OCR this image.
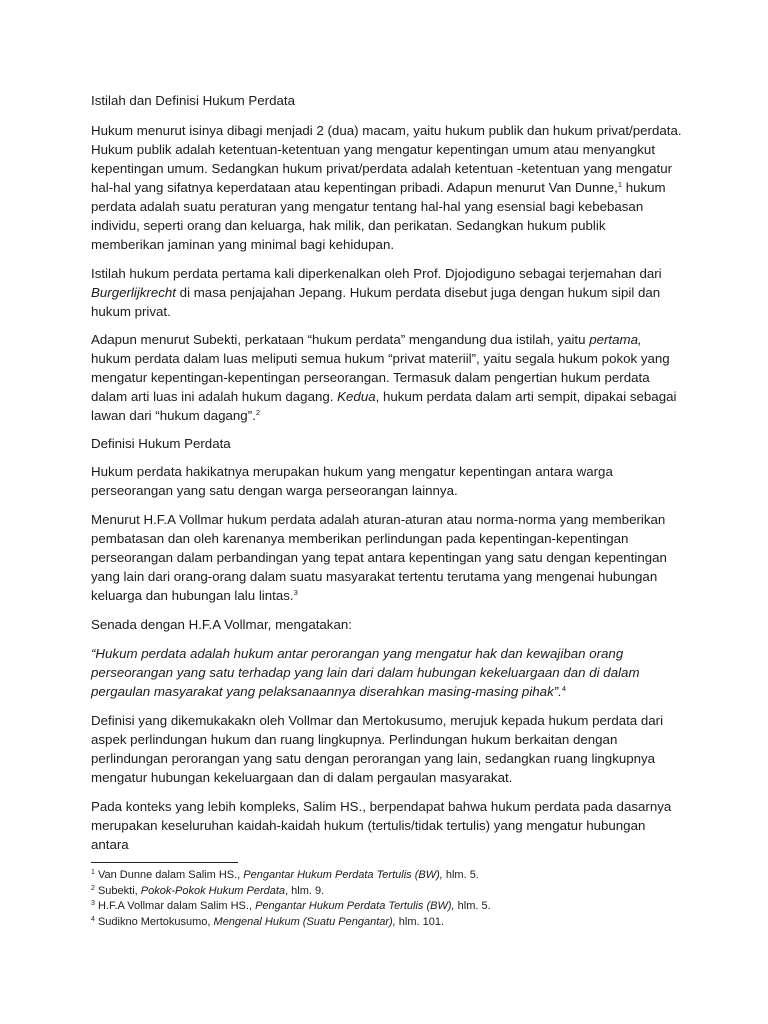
Istilah dan Definisi Hukum Perdata

Hukum menurut isinya dibagi menjadi 2 (dua) macam, yaitu hukum publik dan hukum privat/perdata. Hukum publik adalah ketentuan-ketentuan yang mengatur kepentingan umum atau menyangkut kepentingan umum. Sedangkan hukum privat/perdata adalah ketentuan -ketentuan yang mengatur hal-hal yang sifatnya keperdataan atau kepentingan pribadi. Adapun menurut Van Dunne,$^1$ hukum perdata adalah suatu peraturan yang mengatur tentang hal-hal yang esensial bagi kebebasan individu, seperti orang dan keluarga, hak milik, dan perikatan. Sedangkan hukum publik memberikan jaminan yang minimal bagi kehidupan.

Istilah hukum perdata pertama kali diperkenalkan oleh Prof. Djojodiguno sebagai terjemahan dari Burgerlijkrecht di masa penjajahan Jepang. Hukum perdata disebut juga dengan hukum sipil dan hukum privat.

Adapun menurut Subekti, perkataan “hukum perdata” mengandung dua istilah, yaitu pertama, hukum perdata dalam luas meliputi semua hukum “privat materiil”, yaitu segala hukum pokok yang mengatur kepentingan-kepentingan perseorangan. Termasuk dalam pengertian hukum perdata dalam arti luas ini adalah hukum dagang. Kedua, hukum perdata dalam arti sempit, dipakai sebagai lawan dari “hukum dagang”.$^2$

Definisi Hukum Perdata

Hukum perdata hakikatnya merupakan hukum yang mengatur kepentingan antara warga perseorangan yang satu dengan warga perseorangan lainnya.

Menurut H.F.A Vollmar hukum perdata adalah aturan-aturan atau norma-norma yang memberikan pembatasan dan oleh karenanya memberikan perlindungan pada kepentingan-kepentingan perseorangan dalam perbandingan yang tepat antara kepentingan yang satu dengan kepentingan yang lain dari orang-orang dalam suatu masyarakat tertentu terutama yang mengenai hubungan keluarga dan hubungan lalu lintas.$^3$

Senada dengan H.F.A Vollmar, mengatakan:

“Hukum perdata adalah hukum antar perorangan yang mengatur hak dan kewajiban orang perseorangan yang satu terhadap yang lain dari dalam hubungan kekeluargaan dan di dalam pergaulan masyarakat yang pelaksanaannya diserahkan masing-masing pihak”.$^4$

Definisi yang dikemukakakn oleh Vollmar dan Mertokusumo, merujuk kepada hukum perdata dari aspek perlindungan hukum dan ruang lingkupnya. Perlindungan hukum berkaitan dengan perlindungan perorangan yang satu dengan perorangan yang lain, sedangkan ruang lingkupnya mengatur hubungan kekeluargaan dan di dalam pergaulan masyarakat.

Pada konteks yang lebih kompleks, Salim HS., berpendapat bahwa hukum perdata pada dasarnya merupakan keseluruhan kaidah-kaidah hukum (tertulis/tidak tertulis) yang mengatur hubungan antara

$^1$ Van Dunne dalam Salim HS., Pengantar Hukum Perdata Tertulis (BW), hlm. 5.
$^2$ Subekti, Pokok-Pokok Hukum Perdata, hlm. 9.
$^3$ H.F.A Vollmar dalam Salim HS., Pengantar Hukum Perdata Tertulis (BW), hlm. 5.
$^4$ Sudikno Mertokusumo, Mengenal Hukum (Suatu Pengantar), hlm. 101.
